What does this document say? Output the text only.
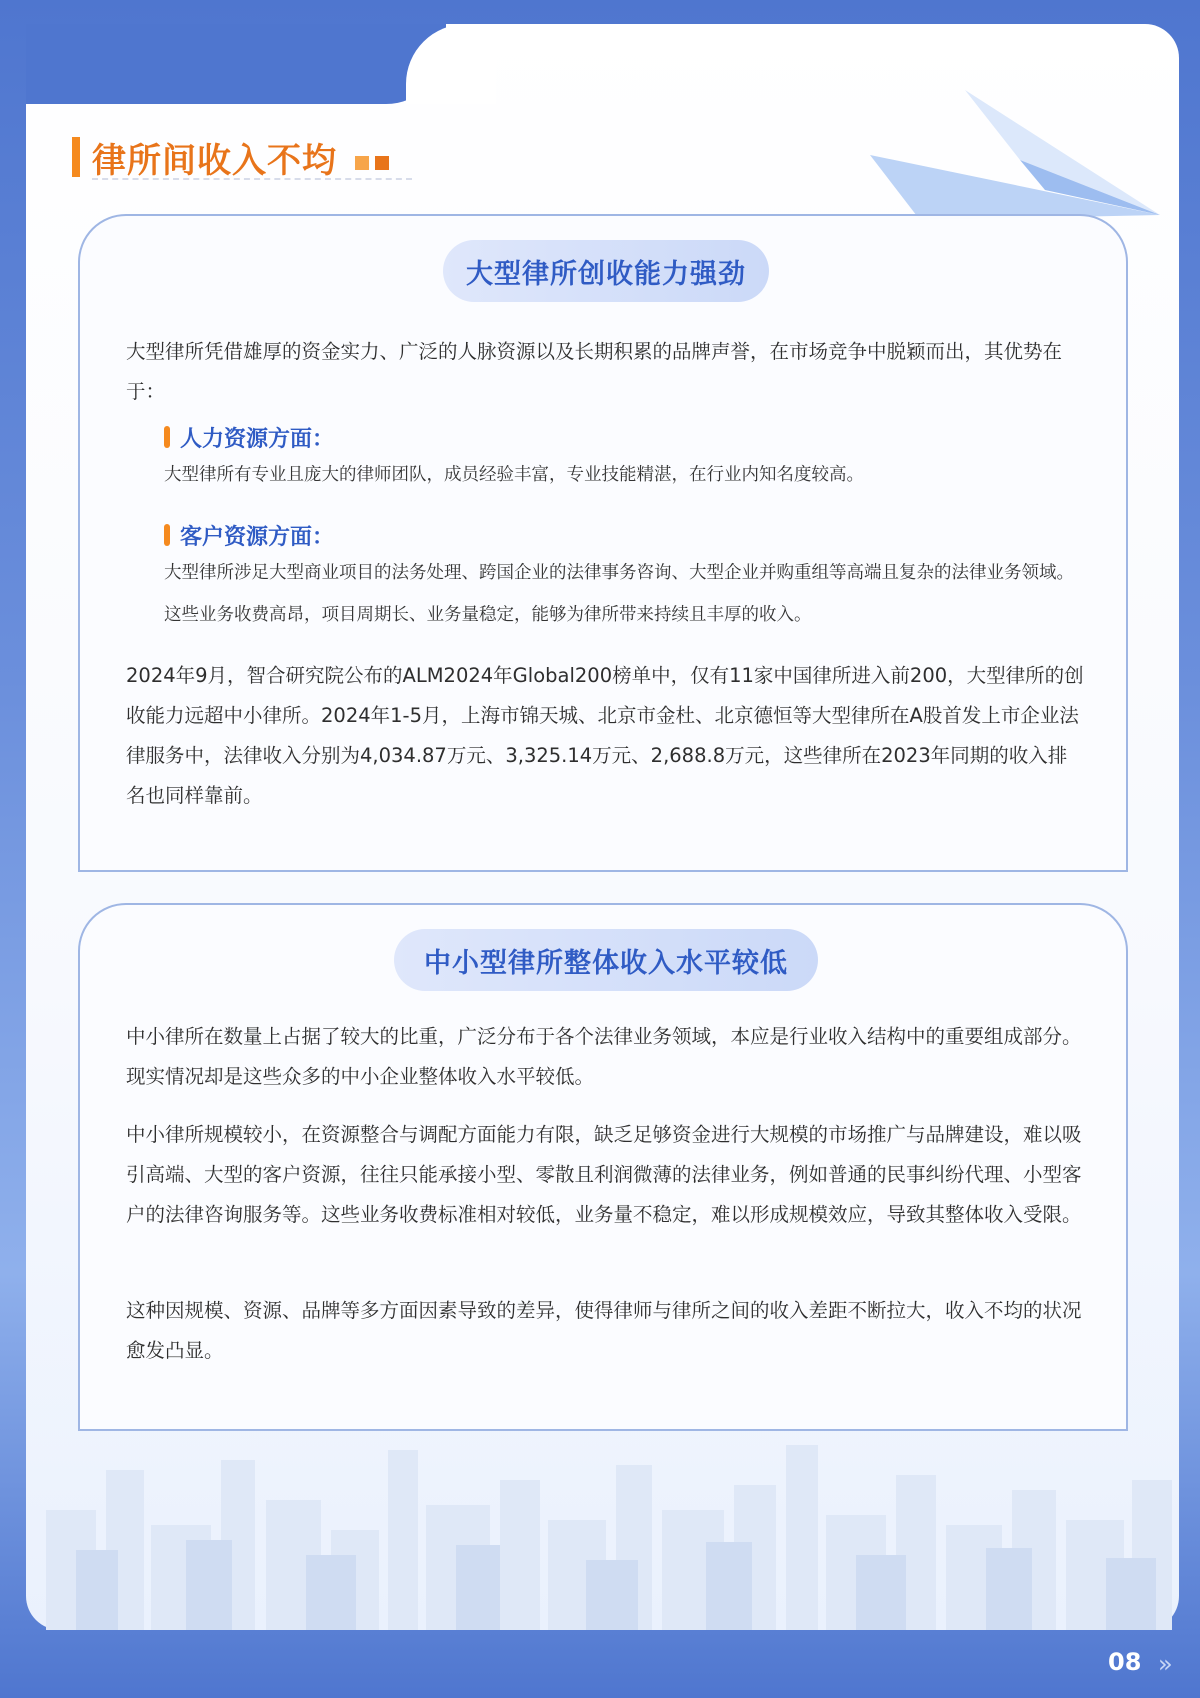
律所间收入不均
大型律所创收能力强劲

大型律所凭借雄厚的资金实力、广泛的人脉资源以及长期积累的品牌声誉，在市场竞争中脱颖而出，其优势在于：

人力资源方面：

大型律所有专业且庞大的律师团队，成员经验丰富，专业技能精湛，在行业内知名度较高。

客户资源方面：

大型律所涉足大型商业项目的法务处理、跨国企业的法律事务咨询、大型企业并购重组等高端且复杂的法律业务领域。这些业务收费高昂，项目周期长、业务量稳定，能够为律所带来持续且丰厚的收入。

2024年9月，智合研究院公布的ALM2024年Global200榜单中，仅有11家中国律所进入前200，大型律所的创收能力远超中小律所。2024年1-5月，上海市锦天城、北京市金杜、北京德恒等大型律所在A股首发上市企业法律服务中，法律收入分别为4,034.87万元、3,325.14万元、2,688.8万元，这些律所在2023年同期的收入排名也同样靠前。

中小型律所整体收入水平较低

中小律所在数量上占据了较大的比重，广泛分布于各个法律业务领域，本应是行业收入结构中的重要组成部分。现实情况却是这些众多的中小企业整体收入水平较低。

中小律所规模较小，在资源整合与调配方面能力有限，缺乏足够资金进行大规模的市场推广与品牌建设，难以吸引高端、大型的客户资源，往往只能承接小型、零散且利润微薄的法律业务，例如普通的民事纠纷代理、小型客户的法律咨询服务等。这些业务收费标准相对较低，业务量不稳定，难以形成规模效应，导致其整体收入受限。

这种因规模、资源、品牌等多方面因素导致的差异，使得律师与律所之间的收入差距不断拉大，收入不均的状况愈发凸显。

08 »
